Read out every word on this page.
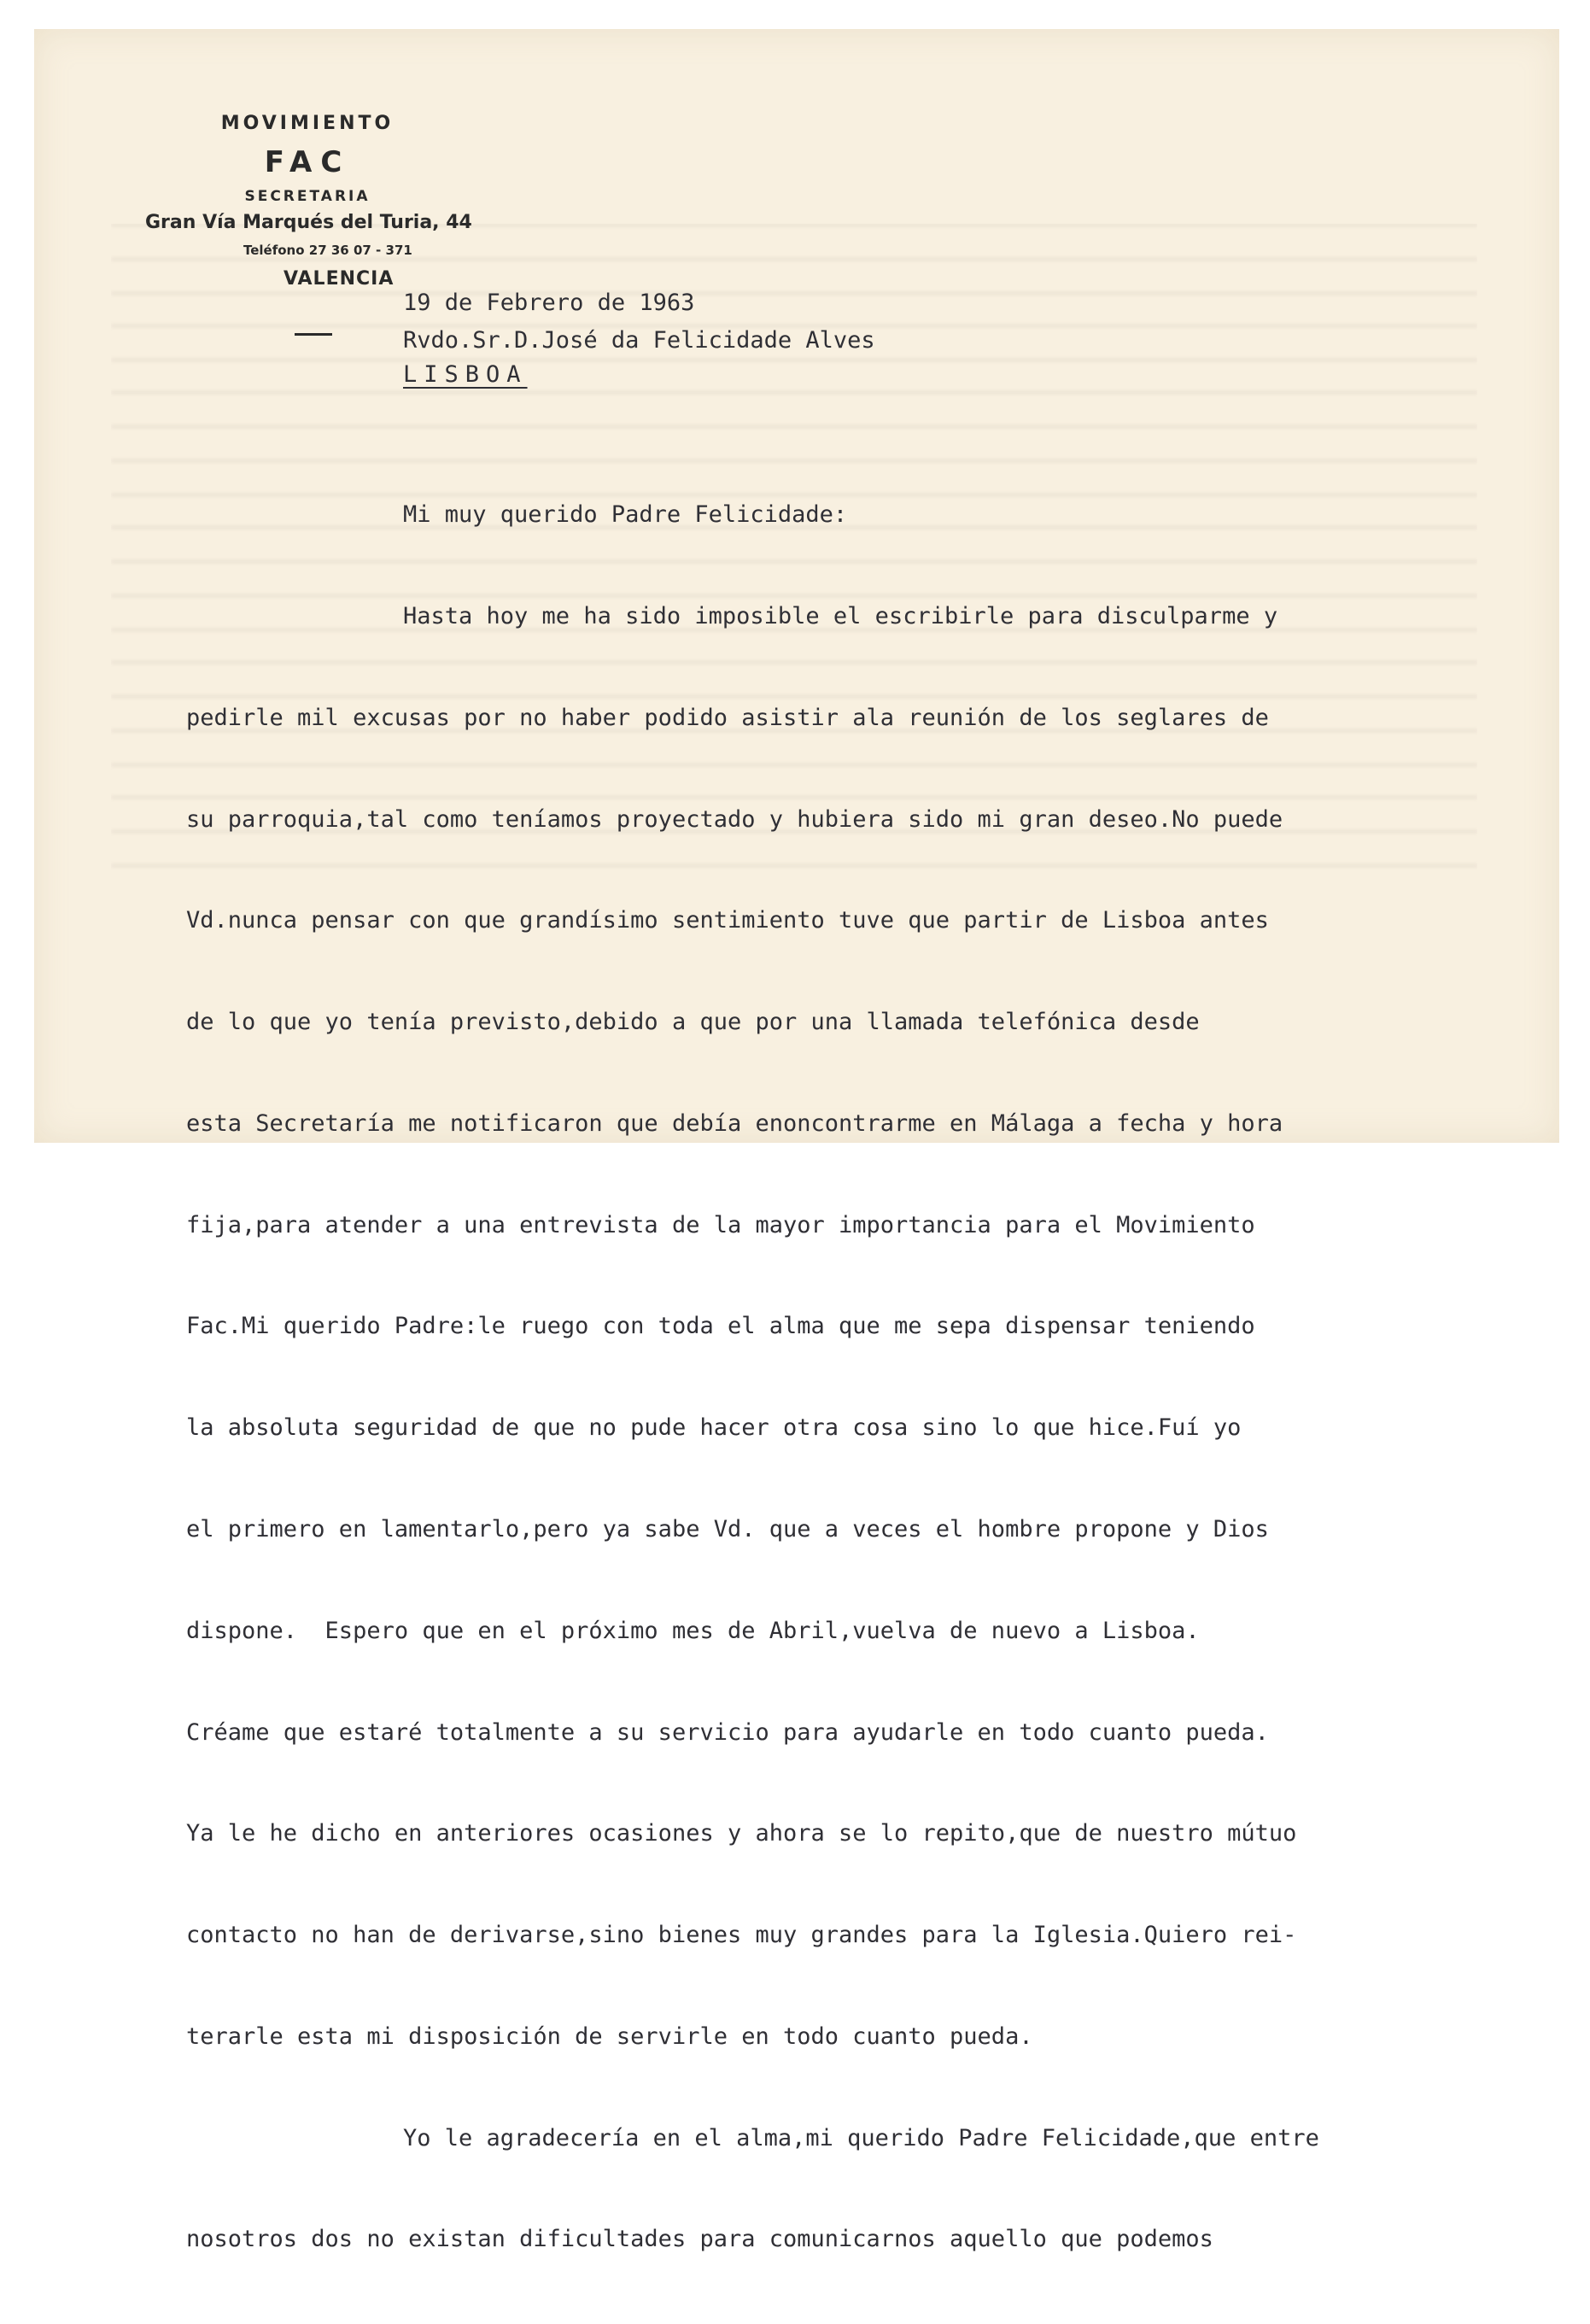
MOVIMIENTO
FAC
SECRETARIA
Gran Vía Marqués del Turia, 44
Teléfono 27 36 07 - 371
VALENCIA
19 de Febrero de 1963
Rvdo.Sr.D.José da Felicidade Alves
LISBOA

Mi muy querido Padre Felicidade:

Hasta hoy me ha sido imposible el escribirle para disculparme y

pedirle mil excusas por no haber podido asistir ala reunión de los seglares de

su parroquia,tal como teníamos proyectado y hubiera sido mi gran deseo.No puede

Vd.nunca pensar con que grandísimo sentimiento tuve que partir de Lisboa antes

de lo que yo tenía previsto,debido a que por una llamada telefónica desde

esta Secretaría me notificaron que debía enoncontrarme en Málaga a fecha y hora

fija,para atender a una entrevista de la mayor importancia para el Movimiento

Fac.Mi querido Padre:le ruego con toda el alma que me sepa dispensar teniendo

la absoluta seguridad de que no pude hacer otra cosa sino lo que hice.Fuí yo

el primero en lamentarlo,pero ya sabe Vd. que a veces el hombre propone y Dios

dispone.  Espero que en el próximo mes de Abril,vuelva de nuevo a Lisboa.

Créame que estaré totalmente a su servicio para ayudarle en todo cuanto pueda.

Ya le he dicho en anteriores ocasiones y ahora se lo repito,que de nuestro mútuo

contacto no han de derivarse,sino bienes muy grandes para la Iglesia.Quiero rei-

terarle esta mi disposición de servirle en todo cuanto pueda.

Yo le agradecería en el alma,mi querido Padre Felicidade,que entre

nosotros dos no existan dificultades para comunicarnos aquello que podemos
